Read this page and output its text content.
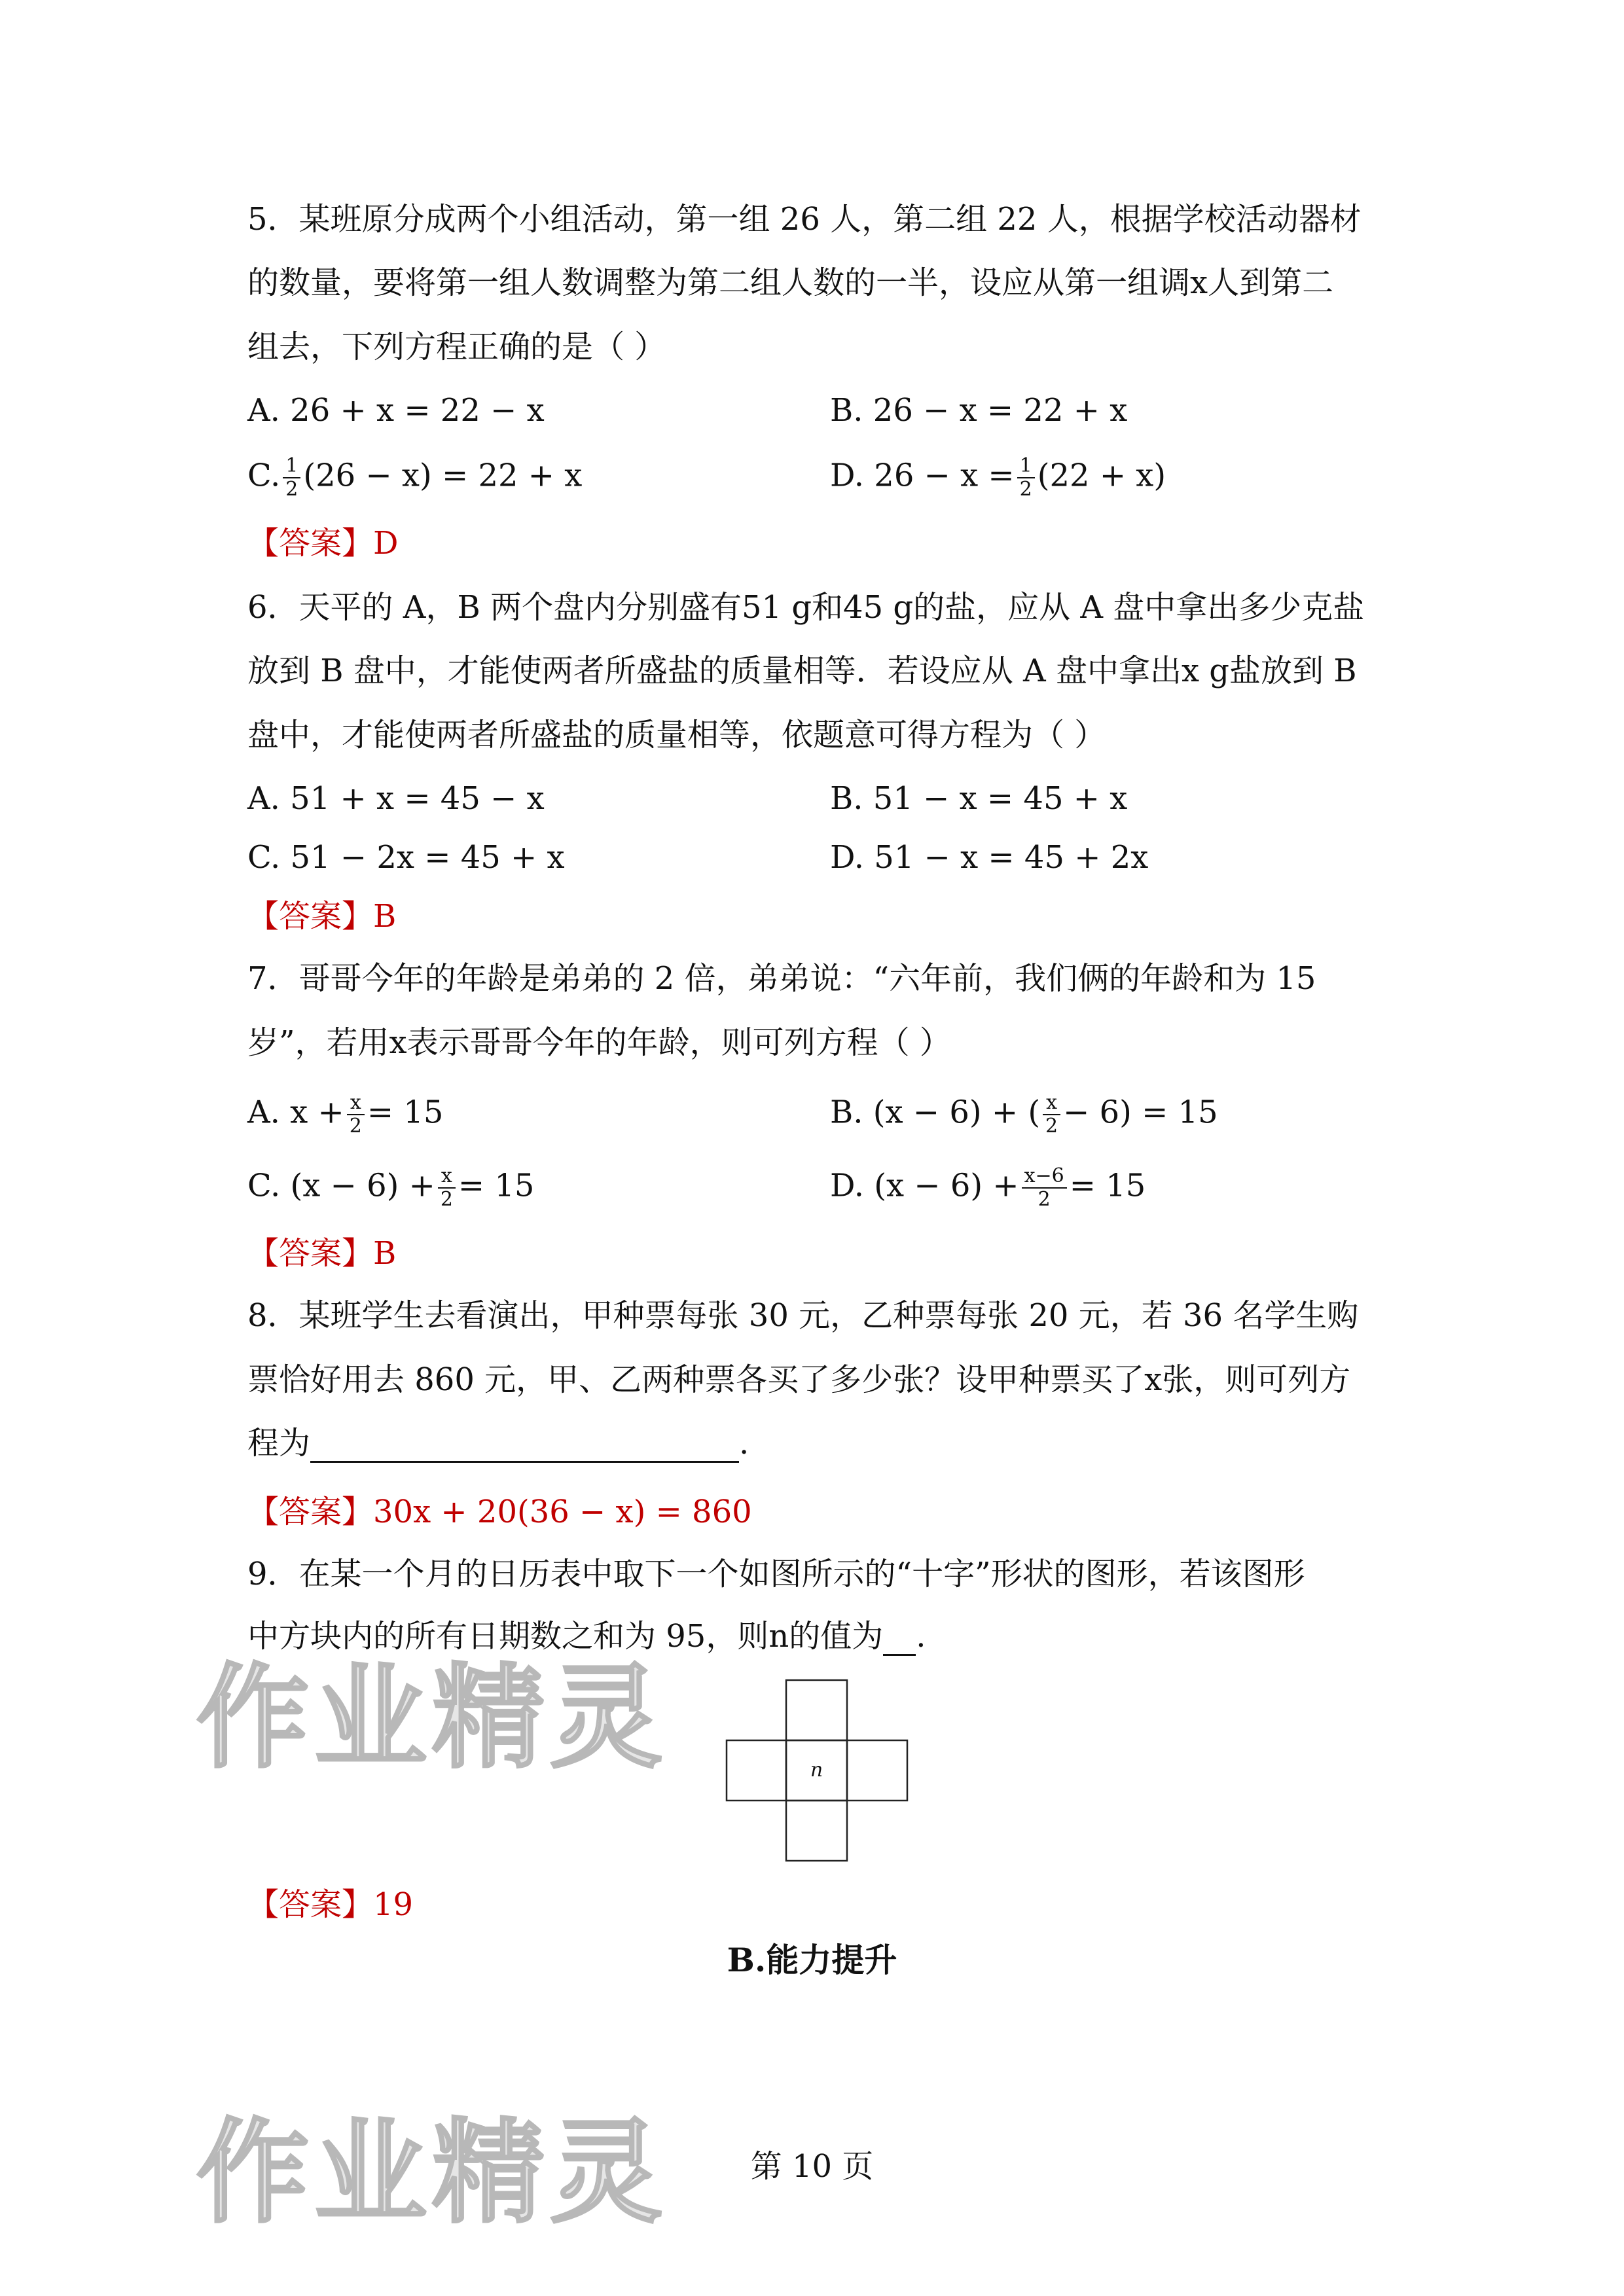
作业精灵
作业精灵
5．某班原分成两个小组活动，第一组 26 人，第二组 22 人，根据学校活动器材
的数量，要将第一组人数调整为第二组人数的一半，设应从第一组调x人到第二
组去，下列方程正确的是（ ）
A. 26 + x = 22 − x	B. 26 − x = 22 + x
C. $\frac{1}{2} (26 - x) = 22 + x$	D. $26 - x = \frac{1}{2} (22 + x)$
【答案】D
6．天平的 A，B 两个盘内分别盛有51 g和45 g的盐，应从 A 盘中拿出多少克盐
放到 B 盘中，才能使两者所盛盐的质量相等．若设应从 A 盘中拿出x g盐放到 B
盘中，才能使两者所盛盐的质量相等，依题意可得方程为（ ）
A. 51 + x = 45 − x	B. 51 − x = 45 + x
C. 51 − 2x = 45 + x	D. 51 − x = 45 + 2x
【答案】B
7．哥哥今年的年龄是弟弟的 2 倍，弟弟说：“六年前，我们俩的年龄和为 15
岁”，若用x表示哥哥今年的年龄，则可列方程（ ）
A. $x + \frac{x}{2} = 15$	B. (x − 6) + ( $\frac{x}{2} - 6) = 15$
C. $(x - 6) + \frac{x}{2} = 15$	D. $(x - 6) + \frac{x-6}{2} = 15$
【答案】B
8．某班学生去看演出，甲种票每张 30 元，乙种票每张 20 元，若 36 名学生购
票恰好用去 860 元，甲、乙两种票各买了多少张？设甲种票买了x张，则可列方
程为	.
【答案】30x + 20(36 − x) = 860
9．在某一个月的日历表中取下一个如图所示的“十字”形状的图形，若该图形
中方块内的所有日期数之和为 95，则n的值为 .
n
【答案】19
B.能力提升
第 10 页
